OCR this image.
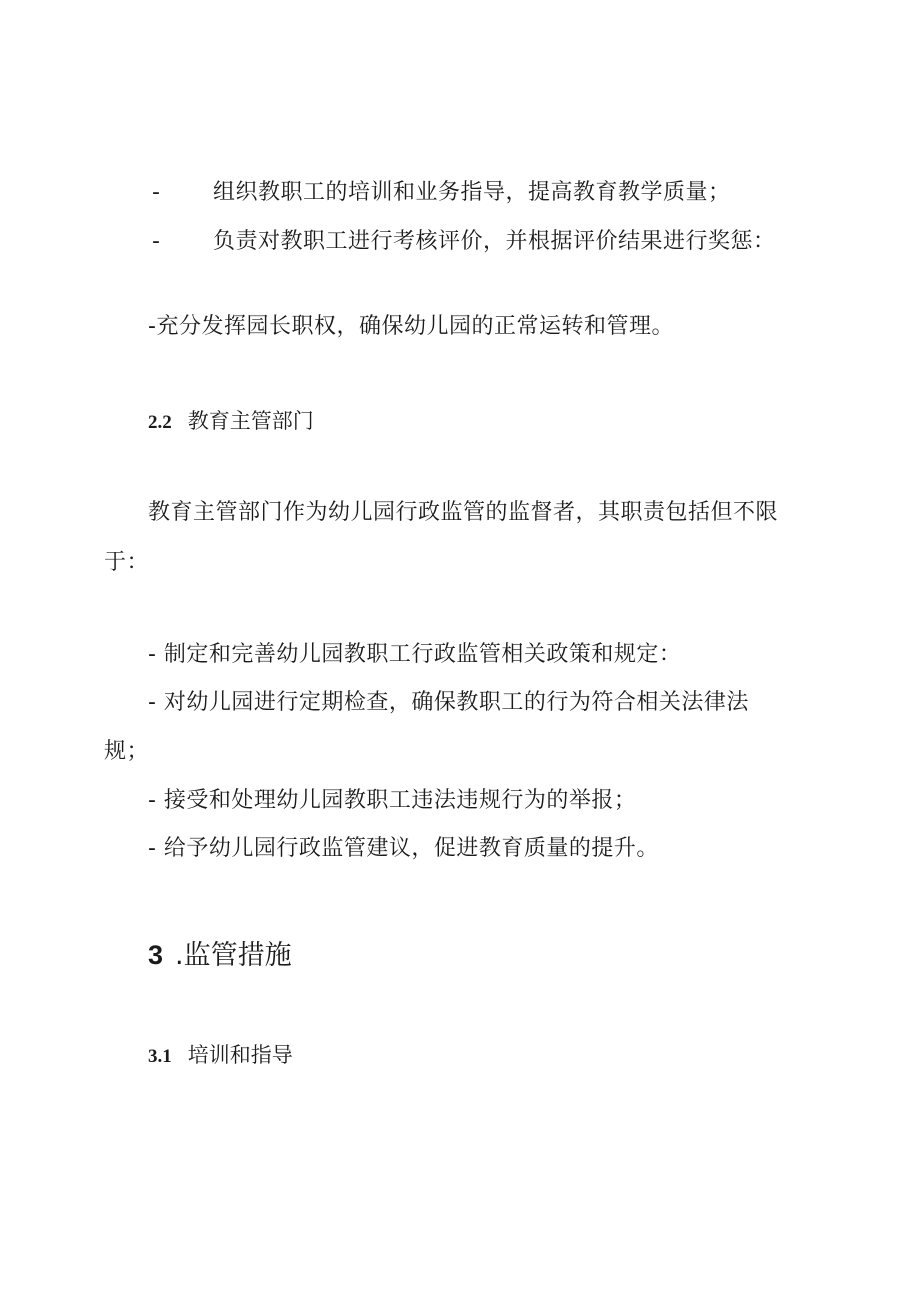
- 组织教职工的培训和业务指导，提高教育教学质量；
- 负责对教职工进行考核评价，并根据评价结果进行奖惩：
-充分发挥园长职权，确保幼儿园的正常运转和管理。
2.2 教育主管部门
教育主管部门作为幼儿园行政监管的监督者，其职责包括但不限
于：
- 制定和完善幼儿园教职工行政监管相关政策和规定：
- 对幼儿园进行定期检查，确保教职工的行为符合相关法律法
规；
- 接受和处理幼儿园教职工违法违规行为的举报；
- 给予幼儿园行政监管建议，促进教育质量的提升。
3 .监管措施
3.1 培训和指导
